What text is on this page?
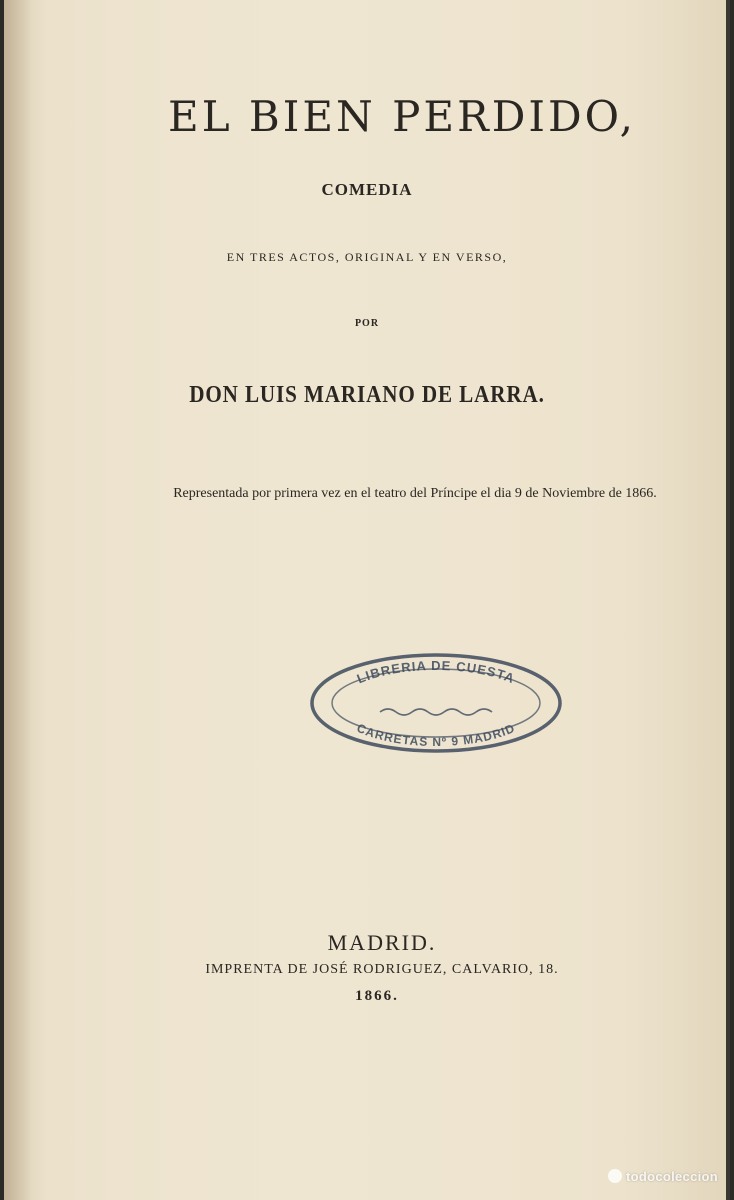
EL BIEN PERDIDO,
COMEDIA
EN TRES ACTOS, ORIGINAL Y EN VERSO,
POR
DON LUIS MARIANO DE LARRA.
Representada por primera vez en el teatro del Príncipe el dia 9 de Noviembre de 1866.
LIBRERIA DE CUESTA
CARRETAS Nº 9 MADRID
MADRID.
IMPRENTA DE JOSÉ RODRIGUEZ, CALVARIO, 18.
1866.
todocoleccion
